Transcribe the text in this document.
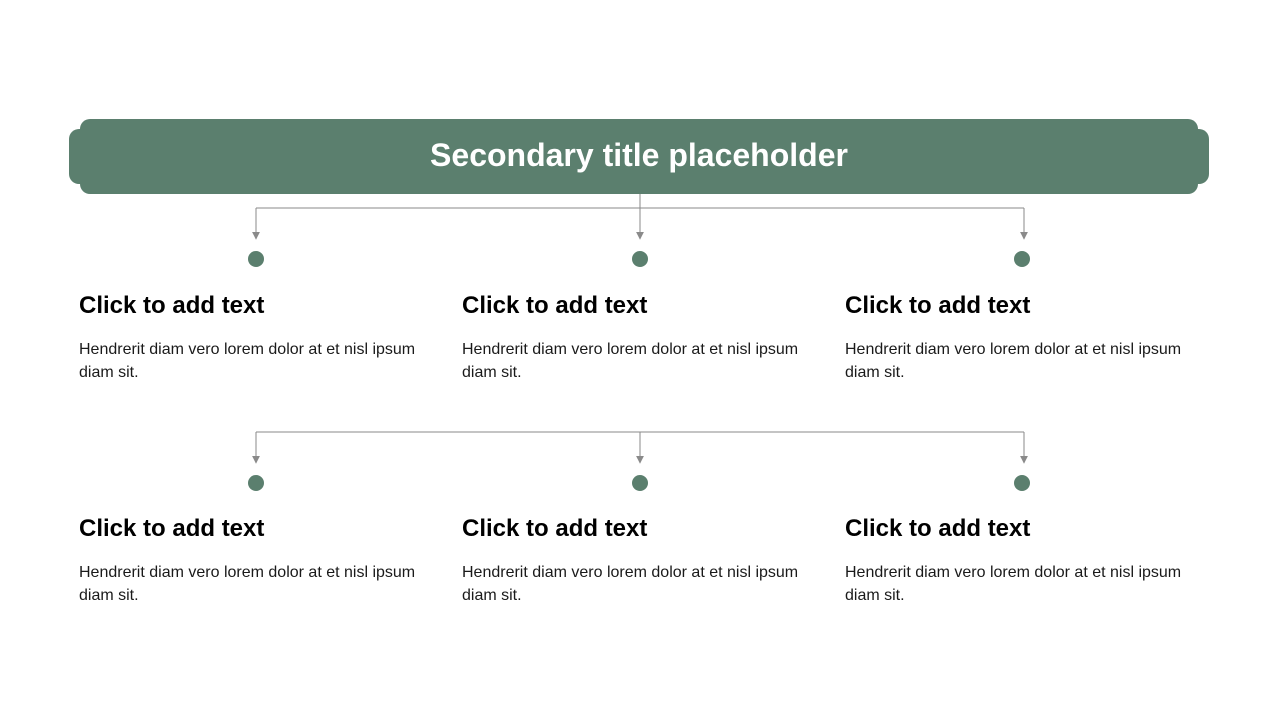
Secondary title placeholder
Click to add text
Hendrerit diam vero lorem dolor at et nisl ipsum diam sit.
Click to add text
Hendrerit diam vero lorem dolor at et nisl ipsum diam sit.
Click to add text
Hendrerit diam vero lorem dolor at et nisl ipsum diam sit.
Click to add text
Hendrerit diam vero lorem dolor at et nisl ipsum diam sit.
Click to add text
Hendrerit diam vero lorem dolor at et nisl ipsum diam sit.
Click to add text
Hendrerit diam vero lorem dolor at et nisl ipsum diam sit.
